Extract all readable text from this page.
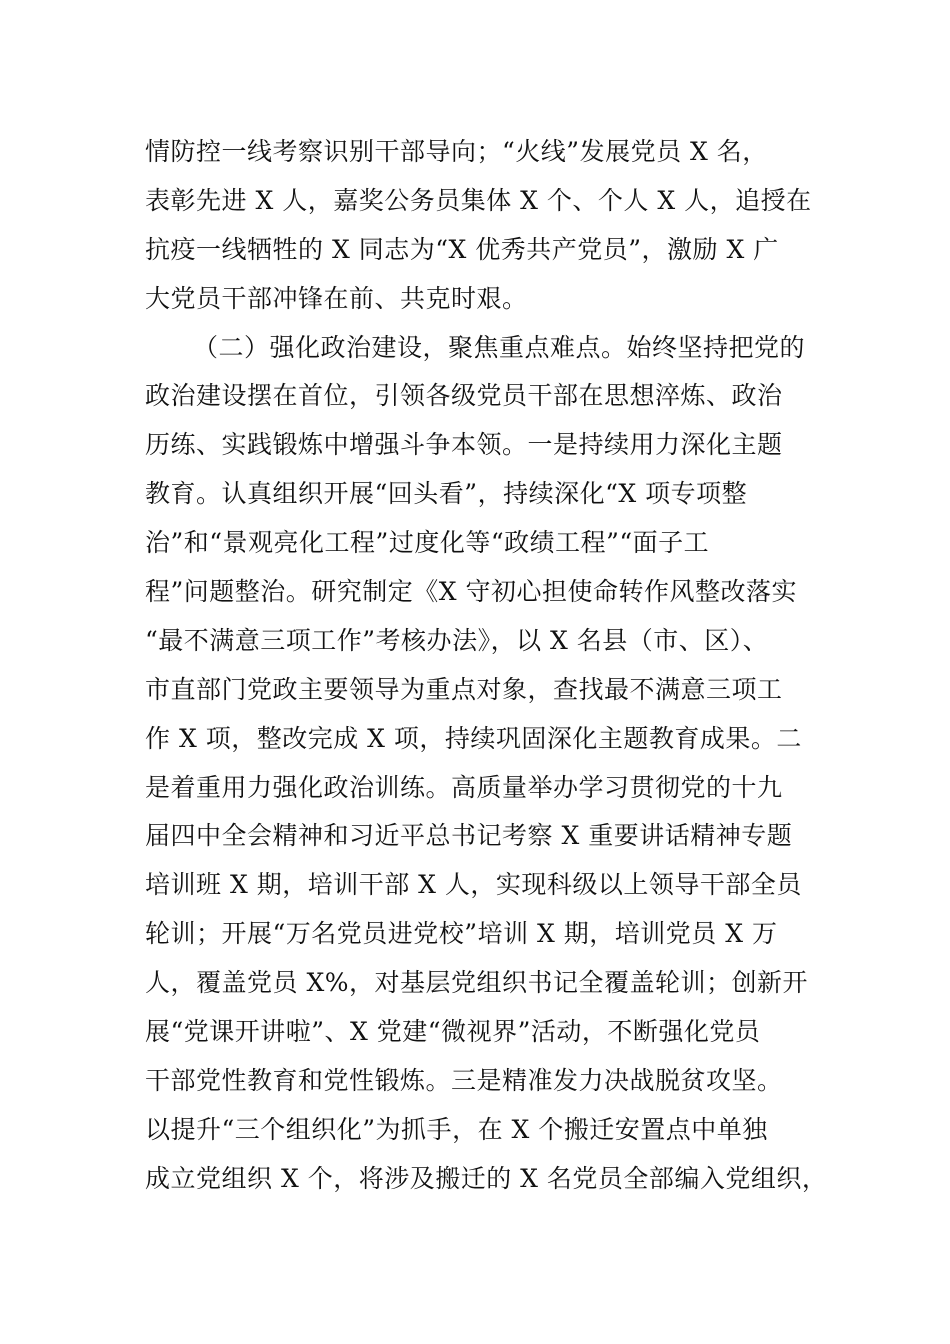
情防控一线考察识别干部导向；“火线”发展党员 X 名，
表彰先进 X 人，嘉奖公务员集体 X 个、个人 X 人，追授在
抗疫一线牺牲的 X 同志为“X 优秀共产党员”，激励 X 广
大党员干部冲锋在前、共克时艰。
（二）强化政治建设，聚焦重点难点。始终坚持把党的
政治建设摆在首位，引领各级党员干部在思想淬炼、政治
历练、实践锻炼中增强斗争本领。一是持续用力深化主题
教育。认真组织开展“回头看”，持续深化“X 项专项整
治”和“景观亮化工程”过度化等“政绩工程”“面子工
程”问题整治。研究制定《X 守初心担使命转作风整改落实
“最不满意三项工作”考核办法》，以 X 名县（市、区）、
市直部门党政主要领导为重点对象，查找最不满意三项工
作 X 项，整改完成 X 项，持续巩固深化主题教育成果。二
是着重用力强化政治训练。高质量举办学习贯彻党的十九
届四中全会精神和习近平总书记考察 X 重要讲话精神专题
培训班 X 期，培训干部 X 人，实现科级以上领导干部全员
轮训；开展“万名党员进党校”培训 X 期，培训党员 X 万
人，覆盖党员 X%，对基层党组织书记全覆盖轮训；创新开
展“党课开讲啦”、X 党建“微视界”活动，不断强化党员
干部党性教育和党性锻炼。三是精准发力决战脱贫攻坚。
以提升“三个组织化”为抓手，在 X 个搬迁安置点中单独
成立党组织 X 个，将涉及搬迁的 X 名党员全部编入党组织，
